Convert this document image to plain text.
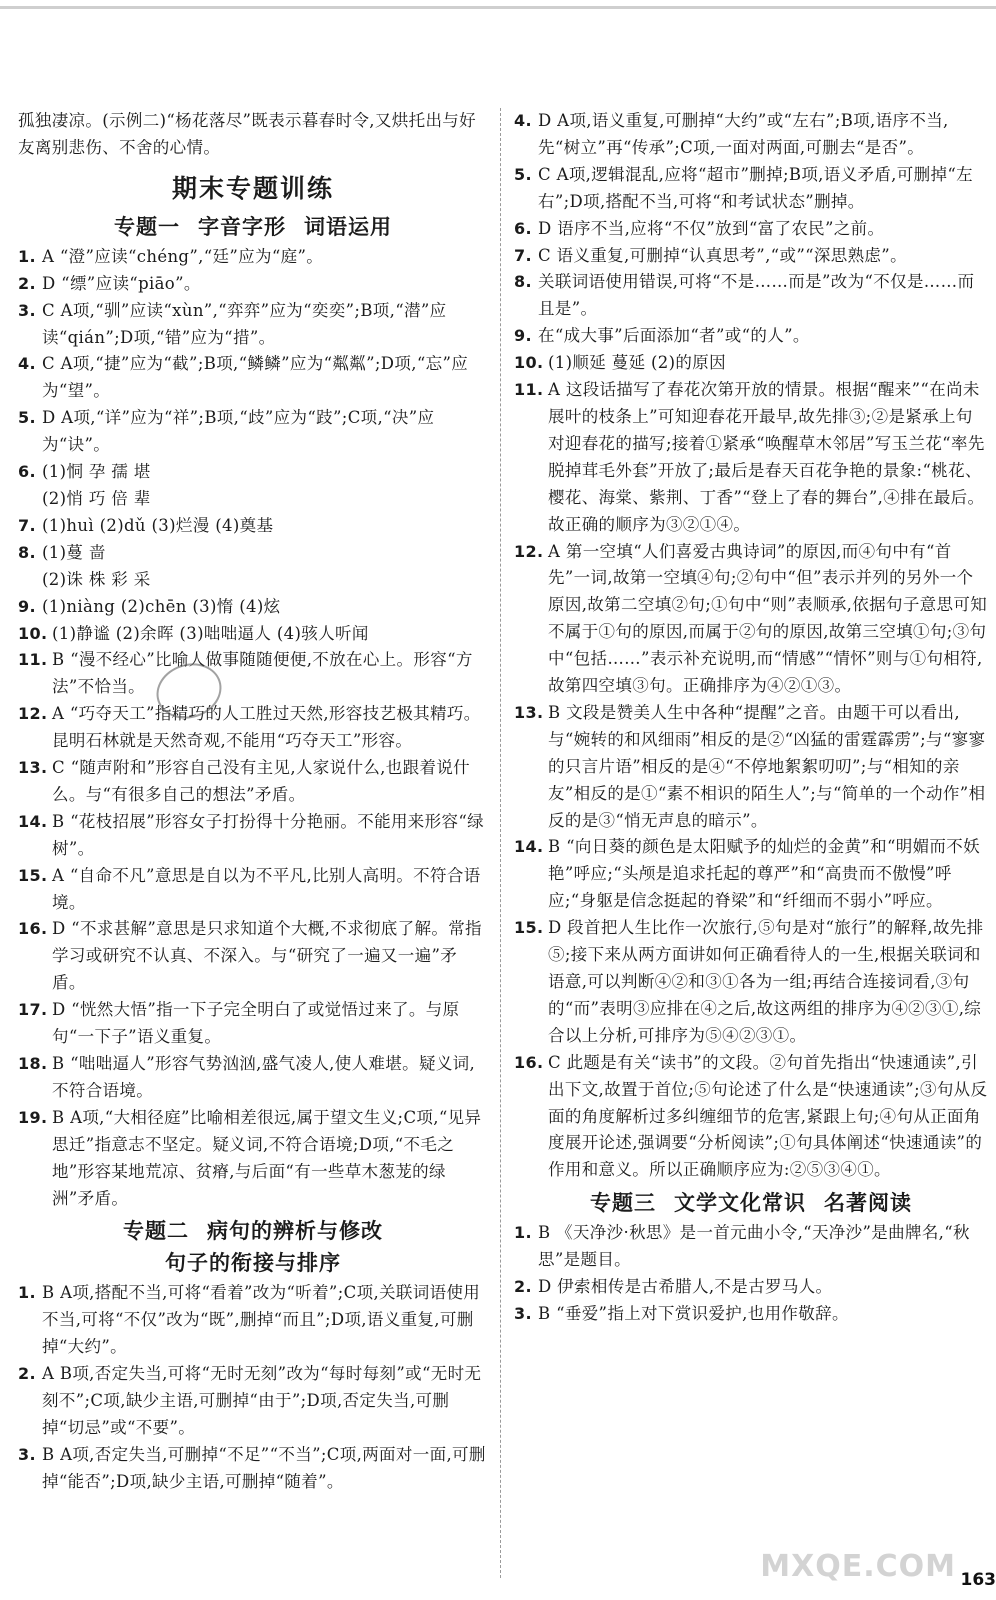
孤独凄凉。(示例二)“杨花落尽”既表示暮春时令,又烘托出与好友离别悲伤、不舍的心情。

期末专题训练
专题一 字音字形 词语运用
1. A “澄”应读“chéng”,“廷”应为“庭”。
2. D “缥”应读“piāo”。
3. C A项,“驯”应读“xùn”,“弈弈”应为“奕奕”;B项,“潜”应读“qián”;D项,“错”应为“措”。
4. C A项,“捷”应为“截”;B项,“鳞鳞”应为“粼粼”;D项,“忘”应为“望”。
5. D A项,“详”应为“祥”;B项,“歧”应为“跂”;C项,“决”应为“诀”。
6. (1)恫 孕 孺 堪
(2)悄 巧 倍 辈
7. (1)huì (2)dǔ (3)烂漫 (4)奠基
8. (1)蔓 啬
(2)诛 株 彩 采
9. (1)niàng (2)chēn (3)惰 (4)炫
10. (1)静谧 (2)余晖 (3)咄咄逼人 (4)骇人听闻
11. B “漫不经心”比喻人做事随随便便,不放在心上。形容“方法”不恰当。
12. A “巧夺天工”指精巧的人工胜过天然,形容技艺极其精巧。昆明石林就是天然奇观,不能用“巧夺天工”形容。
13. C “随声附和”形容自己没有主见,人家说什么,也跟着说什么。与“有很多自己的想法”矛盾。
14. B “花枝招展”形容女子打扮得十分艳丽。不能用来形容“绿树”。
15. A “自命不凡”意思是自以为不平凡,比别人高明。不符合语境。
16. D “不求甚解”意思是只求知道个大概,不求彻底了解。常指学习或研究不认真、不深入。与“研究了一遍又一遍”矛盾。
17. D “恍然大悟”指一下子完全明白了或觉悟过来了。与原句“一下子”语义重复。
18. B “咄咄逼人”形容气势汹汹,盛气凌人,使人难堪。疑义词,不符合语境。
19. B A项,“大相径庭”比喻相差很远,属于望文生义;C项,“见异思迁”指意志不坚定。疑义词,不符合语境;D项,“不毛之地”形容某地荒凉、贫瘠,与后面“有一些草木葱茏的绿洲”矛盾。
专题二 病句的辨析与修改
句子的衔接与排序
1. B A项,搭配不当,可将“看着”改为“听着”;C项,关联词语使用不当,可将“不仅”改为“既”,删掉“而且”;D项,语义重复,可删掉“大约”。
2. A B项,否定失当,可将“无时无刻”改为“每时每刻”或“无时无刻不”;C项,缺少主语,可删掉“由于”;D项,否定失当,可删掉“切忌”或“不要”。
3. B A项,否定失当,可删掉“不足”“不当”;C项,两面对一面,可删掉“能否”;D项,缺少主语,可删掉“随着”。
4. D A项,语义重复,可删掉“大约”或“左右”;B项,语序不当,先“树立”再“传承”;C项,一面对两面,可删去“是否”。
5. C A项,逻辑混乱,应将“超市”删掉;B项,语义矛盾,可删掉“左右”;D项,搭配不当,可将“和考试状态”删掉。
6. D 语序不当,应将“不仅”放到“富了农民”之前。
7. C 语义重复,可删掉“认真思考”,“或”“深思熟虑”。
8. 关联词语使用错误,可将“不是……而是”改为“不仅是……而且是”。
9. 在“成大事”后面添加“者”或“的人”。
10. (1)顺延 蔓延 (2)的原因
11. A 这段话描写了春花次第开放的情景。根据“醒来”“在尚未展叶的枝条上”可知迎春花开最早,故先排③;②是紧承上句对迎春花的描写;接着①紧承“唤醒草木邻居”写玉兰花“率先脱掉茸毛外套”开放了;最后是春天百花争艳的景象:“桃花、樱花、海棠、紫荆、丁香”“登上了春的舞台”,④排在最后。故正确的顺序为③②①④。
12. A 第一空填“人们喜爱古典诗词”的原因,而④句中有“首先”一词,故第一空填④句;②句中“但”表示并列的另外一个原因,故第二空填②句;①句中“则”表顺承,依据句子意思可知不属于①句的原因,而属于②句的原因,故第三空填①句;③句中“包括……”表示补充说明,而“情感”“情怀”则与①句相符,故第四空填③句。正确排序为④②①③。
13. B 文段是赞美人生中各种“提醒”之音。由题干可以看出,与“婉转的和风细雨”相反的是②“凶猛的雷霆霹雳”;与“寥寥的只言片语”相反的是④“不停地絮絮叨叨”;与“相知的亲友”相反的是①“素不相识的陌生人”;与“简单的一个动作”相反的是③“悄无声息的暗示”。
14. B “向日葵的颜色是太阳赋予的灿烂的金黄”和“明媚而不妖艳”呼应;“头颅是追求托起的尊严”和“高贵而不傲慢”呼应;“身躯是信念挺起的脊梁”和“纤细而不弱小”呼应。
15. D 段首把人生比作一次旅行,⑤句是对“旅行”的解释,故先排⑤;接下来从两方面讲如何正确看待人的一生,根据关联词和语意,可以判断④②和③①各为一组;再结合连接词看,③句的“而”表明③应排在④之后,故这两组的排序为④②③①,综合以上分析,可排序为⑤④②③①。
16. C 此题是有关“读书”的文段。②句首先指出“快速通读”,引出下文,故置于首位;⑤句论述了什么是“快速通读”;③句从反面的角度解析过多纠缠细节的危害,紧跟上句;④句从正面角度展开论述,强调要“分析阅读”;①句具体阐述“快速通读”的作用和意义。所以正确顺序应为:②⑤③④①。
专题三 文学文化常识 名著阅读
1. B 《天净沙·秋思》是一首元曲小令,“天净沙”是曲牌名,“秋思”是题目。
2. D 伊索相传是古希腊人,不是古罗马人。
3. B “垂爱”指上对下赏识爱护,也用作敬辞。
MXQE.COM 163
